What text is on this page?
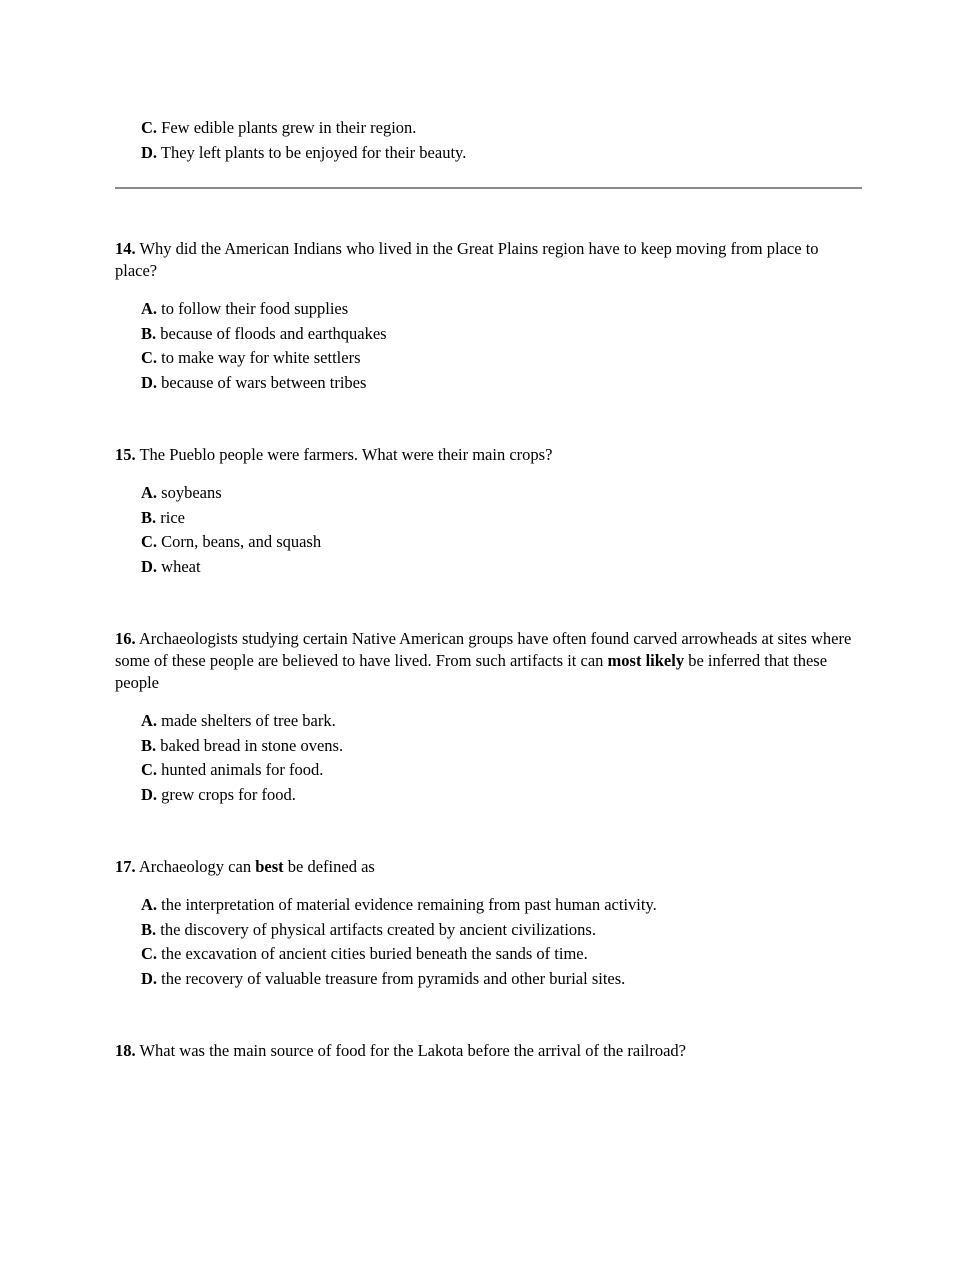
C. Few edible plants grew in their region.

D. They left plants to be enjoyed for their beauty.

14. Why did the American Indians who lived in the Great Plains region have to keep moving from place to place?

A. to follow their food supplies

B. because of floods and earthquakes

C. to make way for white settlers

D. because of wars between tribes

15. The Pueblo people were farmers. What were their main crops?

A. soybeans

B. rice

C. Corn, beans, and squash

D. wheat

16. Archaeologists studying certain Native American groups have often found carved arrowheads at sites where some of these people are believed to have lived. From such artifacts it can most likely be inferred that these people

A. made shelters of tree bark.

B. baked bread in stone ovens.

C. hunted animals for food.

D. grew crops for food.

17. Archaeology can best be defined as

A. the interpretation of material evidence remaining from past human activity.

B. the discovery of physical artifacts created by ancient civilizations.

C. the excavation of ancient cities buried beneath the sands of time.

D. the recovery of valuable treasure from pyramids and other burial sites.

18. What was the main source of food for the Lakota before the arrival of the railroad?
